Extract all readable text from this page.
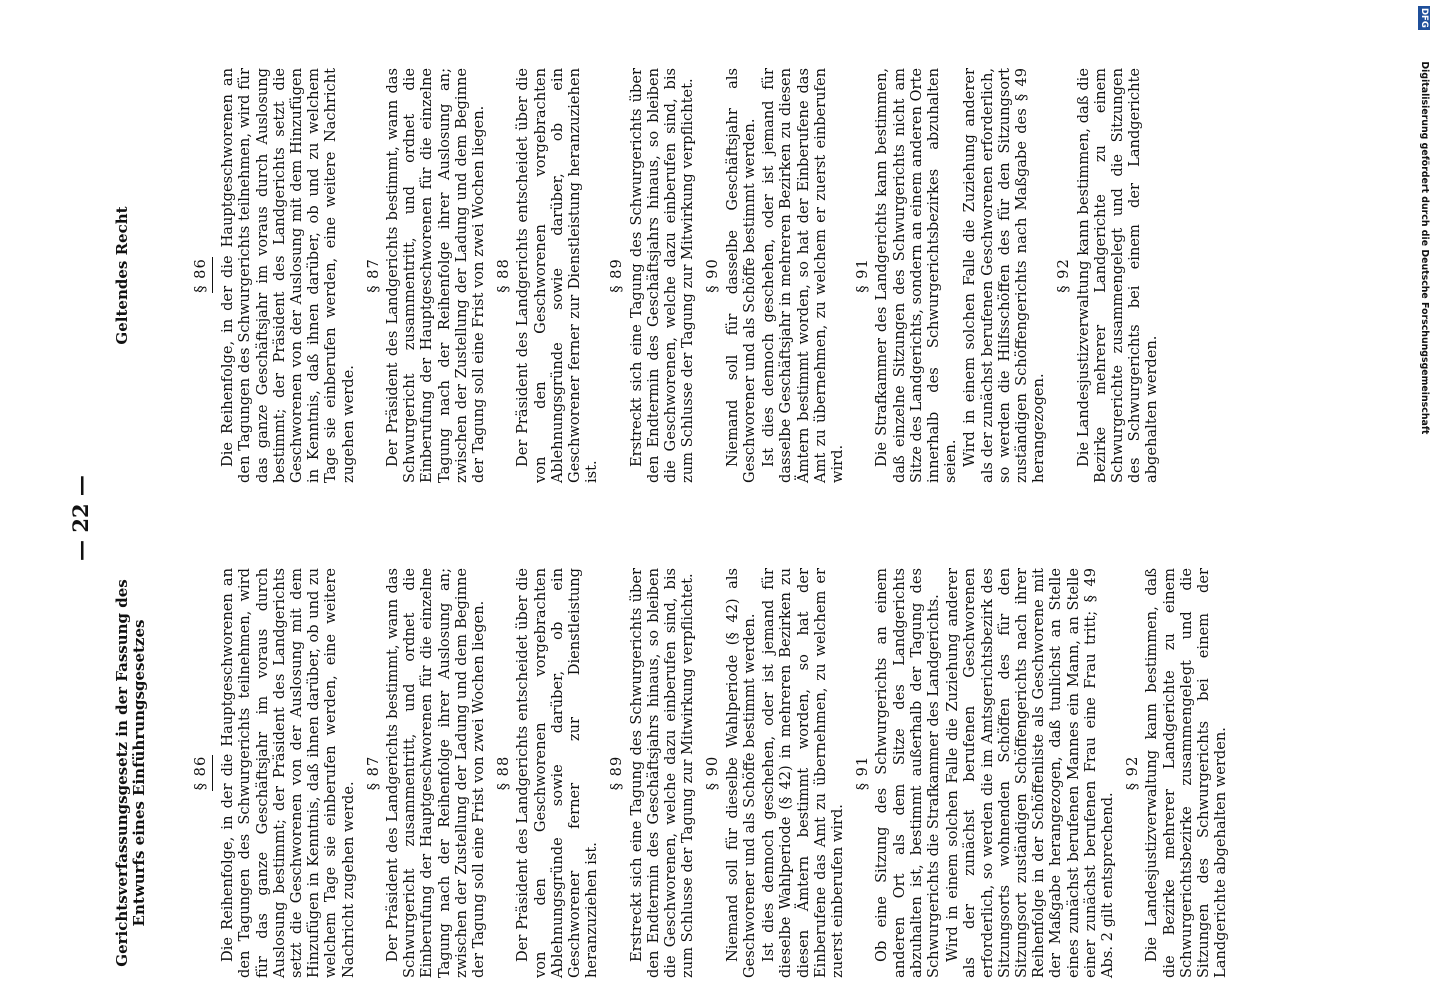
— 22 —
Gerichtsverfassungsgesetz in der Fassung des Entwurfs eines Einführungsgesetzes	§ 86 Die Reihenfolge, in der die Hauptgeschworenen an den Tagungen des Schwurgerichts teilnehmen, wird für das ganze Geschäftsjahr im voraus durch Auslosung bestimmt; der Präsident des Landgerichts setzt die Geschworenen von der Auslosung mit dem Hinzufügen in Kenntnis, daß ihnen darüber, ob und zu welchem Tage sie einberufen werden, eine weitere Nachricht zugehen werde.

§ 87 Der Präsident des Landgerichts bestimmt, wann das Schwurgericht zusammentritt, und ordnet die Einberufung der Hauptgeschworenen für die einzelne Tagung nach der Reihenfolge ihrer Auslosung an; zwischen der Zustellung der Ladung und dem Beginne der Tagung soll eine Frist von zwei Wochen liegen. § 88 Der Präsident des Landgerichts entscheidet über die von den Geschworenen vorgebrachten Ablehnungsgründe sowie darüber, ob ein Geschworener ferner zur Dienstleistung heranzuziehen ist.

§ 89 Erstreckt sich eine Tagung des Schwurgerichts über den Endtermin des Geschäftsjahrs hinaus, so bleiben die Geschworenen, welche dazu einberufen sind, bis zum Schlusse der Tagung zur Mitwirkung verpflichtet. § 90 Niemand soll für dieselbe Wahlperiode (§ 42) als Geschworener und als Schöffe bestimmt werden. Ist dies dennoch geschehen, oder ist jemand für dieselbe Wahlperiode (§ 42) in mehreren Bezirken zu diesen Ämtern bestimmt worden, so hat der Einberufene das Amt zu übernehmen, zu welchem er zuerst einberufen wird.

§ 91 Ob eine Sitzung des Schwurgerichts an einem anderen Ort als dem Sitze des Landgerichts abzuhalten ist, bestimmt außerhalb der Tagung des Schwurgerichts die Strafkammer des Landgerichts. Wird in einem solchen Falle die Zuziehung anderer als der zunächst berufenen Geschworenen erforderlich, so werden die im Amtsgerichtsbezirk des Sitzungsorts wohnenden Schöffen des für den Sitzungsort zuständigen Schöffengerichts nach ihrer Reihenfolge in der Schöffenliste als Geschworene mit der Maßgabe herangezogen, daß tunlichst an Stelle eines zunächst berufenen Mannes ein Mann, an Stelle einer zunächst berufenen Frau eine Frau tritt; § 49 Abs. 2 gilt entsprechend.

§ 92 Die Landesjustizverwaltung kann bestimmen, daß die Bezirke mehrerer Landgerichte zu einem Schwurgerichtsbezirke zusammengelegt und die Sitzungen des Schwurgerichts bei einem der Landgerichte abgehalten werden.

Geltendes Recht	§ 86 Die Reihenfolge, in der die Hauptgeschworenen an den Tagungen des Schwurgerichts teilnehmen, wird für das ganze Geschäftsjahr im voraus durch Auslosung bestimmt; der Präsident des Landgerichts setzt die Geschworenen von der Auslosung mit dem Hinzufügen in Kenntnis, daß ihnen darüber, ob und zu welchem Tage sie einberufen werden, eine weitere Nachricht zugehen werde.

§ 87 Der Präsident des Landgerichts bestimmt, wann das Schwurgericht zusammentritt, und ordnet die Einberufung der Hauptgeschworenen für die einzelne Tagung nach der Reihenfolge ihrer Auslosung an; zwischen der Zustellung der Ladung und dem Beginne der Tagung soll eine Frist von zwei Wochen liegen. § 88 Der Präsident des Landgerichts entscheidet über die von den Geschworenen vorgebrachten Ablehnungsgründe sowie darüber, ob ein Geschworener ferner zur Dienstleistung heranzuziehen ist.

§ 89 Erstreckt sich eine Tagung des Schwurgerichts über den Endtermin des Geschäftsjahrs hinaus, so bleiben die Geschworenen, welche dazu einberufen sind, bis zum Schlusse der Tagung zur Mitwirkung verpflichtet. § 90 Niemand soll für dasselbe Geschäftsjahr als Geschworener und als Schöffe bestimmt werden. Ist dies dennoch geschehen, oder ist jemand für dasselbe Geschäftsjahr in mehreren Bezirken zu diesen Ämtern bestimmt worden, so hat der Einberufene das Amt zu übernehmen, zu welchem er zuerst einberufen wird.

§ 91 Die Strafkammer des Landgerichts kann bestimmen, daß einzelne Sitzungen des Schwurgerichts nicht am Sitze des Landgerichts, sondern an einem anderen Orte innerhalb des Schwurgerichtsbezirkes abzuhalten seien. Wird in einem solchen Falle die Zuziehung anderer als der zunächst berufenen Geschworenen erforderlich, so werden die Hilfsschöffen des für den Sitzungsort zuständigen Schöffengerichts nach Maßgabe des § 49 herangezogen.

§ 92 Die Landesjustizverwaltung kann bestimmen, daß die Bezirke mehrerer Landgerichte zu einem Schwurgerichte zusammengelegt und die Sitzungen des Schwurgerichts bei einem der Landgerichte abgehalten werden.

DFG  Digitalisierung gefördert durch die Deutsche Forschungsgemeinschaft
